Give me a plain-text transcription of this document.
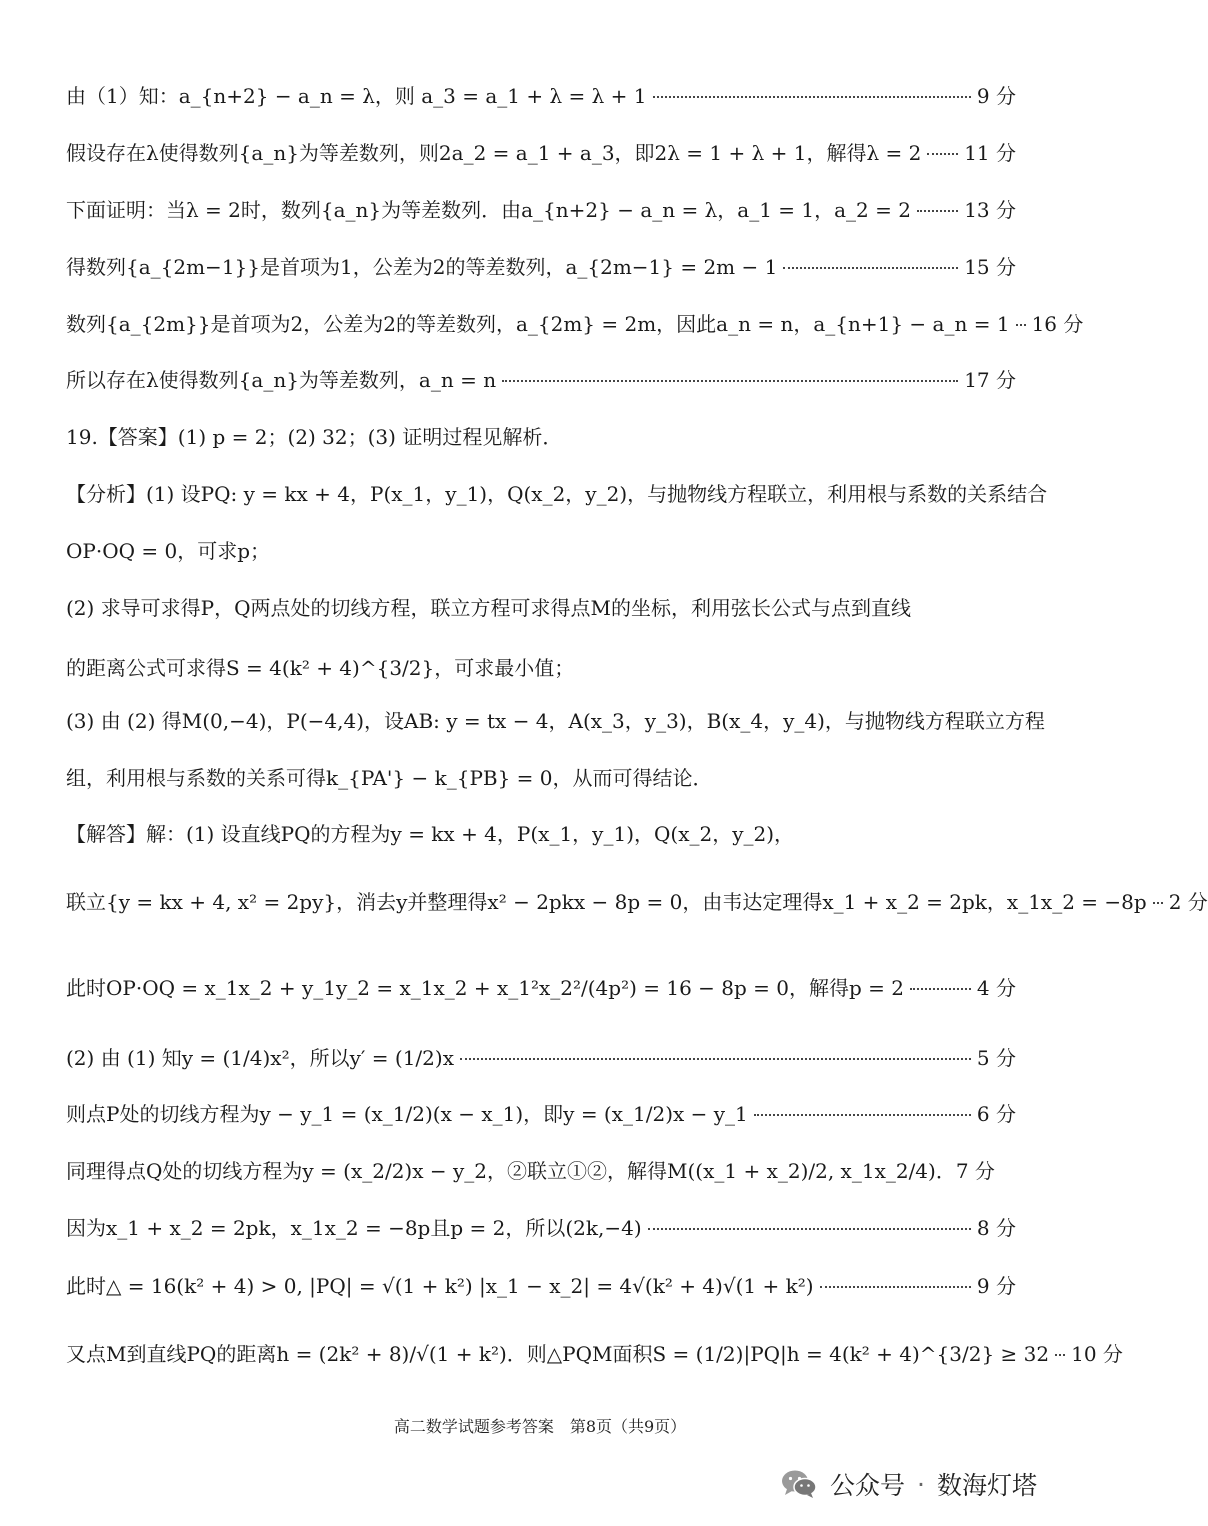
由（1）知：a_{n+2} − a_n = λ，则 a_3 = a_1 + λ = λ + 1	9 分
假设存在λ使得数列{a_n}为等差数列，则2a_2 = a_1 + a_3，即2λ = 1 + λ + 1，解得λ = 2 11 分
下面证明：当λ = 2时，数列{a_n}为等差数列．由a_{n+2} − a_n = λ，a_1 = 1，a_2 = 2	13 分
得数列{a_{2m−1}}是首项为1，公差为2的等差数列，a_{2m−1} = 2m − 1	15 分
数列{a_{2m}}是首项为2，公差为2的等差数列，a_{2m} = 2m，因此a_n = n，a_{n+1} − a_n = 1 16 分
所以存在λ使得数列{a_n}为等差数列，a_n = n	17 分
19.【答案】(1) p = 2；(2) 32；(3) 证明过程见解析．
【分析】(1) 设PQ: y = kx + 4，P(x_1，y_1)，Q(x_2，y_2)，与抛物线方程联立，利用根与系数的关系结合
OP·OQ = 0，可求p；
(2) 求导可求得P，Q两点处的切线方程，联立方程可求得点M的坐标，利用弦长公式与点到直线
的距离公式可求得S = 4(k² + 4)^{3/2}，可求最小值；
(3) 由 (2) 得M(0,−4)，P(−4,4)，设AB: y = tx − 4，A(x_3，y_3)，B(x_4，y_4)，与抛物线方程联立方程
组，利用根与系数的关系可得k_{PA'} − k_{PB} = 0，从而可得结论．
【解答】解：(1) 设直线PQ的方程为y = kx + 4，P(x_1，y_1)，Q(x_2，y_2)，
联立{y = kx + 4, x² = 2py}，消去y并整理得x² − 2pkx − 8p = 0，由韦达定理得x_1 + x_2 = 2pk，x_1x_2 = −8p 2 分
此时OP·OQ = x_1x_2 + y_1y_2 = x_1x_2 + x_1²x_2²/(4p²) = 16 − 8p = 0，解得p = 2	4 分
(2) 由 (1) 知y = (1/4)x²，所以y′ = (1/2)x	5 分
则点P处的切线方程为y − y_1 = (x_1/2)(x − x_1)，即y = (x_1/2)x − y_1	6 分
同理得点Q处的切线方程为y = (x_2/2)x − y_2，②联立①②，解得M((x_1 + x_2)/2, x_1x_2/4)．7 分
因为x_1 + x_2 = 2pk，x_1x_2 = −8p且p = 2，所以(2k,−4)	8 分
此时△ = 16(k² + 4) > 0, |PQ| = √(1 + k²) |x_1 − x_2| = 4√(k² + 4)√(1 + k²)	9 分
又点M到直线PQ的距离h = (2k² + 8)/√(1 + k²)．则△PQM面积S = (1/2)|PQ|h = 4(k² + 4)^{3/2} ≥ 32 10 分
高二数学试题参考答案　第8页（共9页）
公众号 · 数海灯塔
